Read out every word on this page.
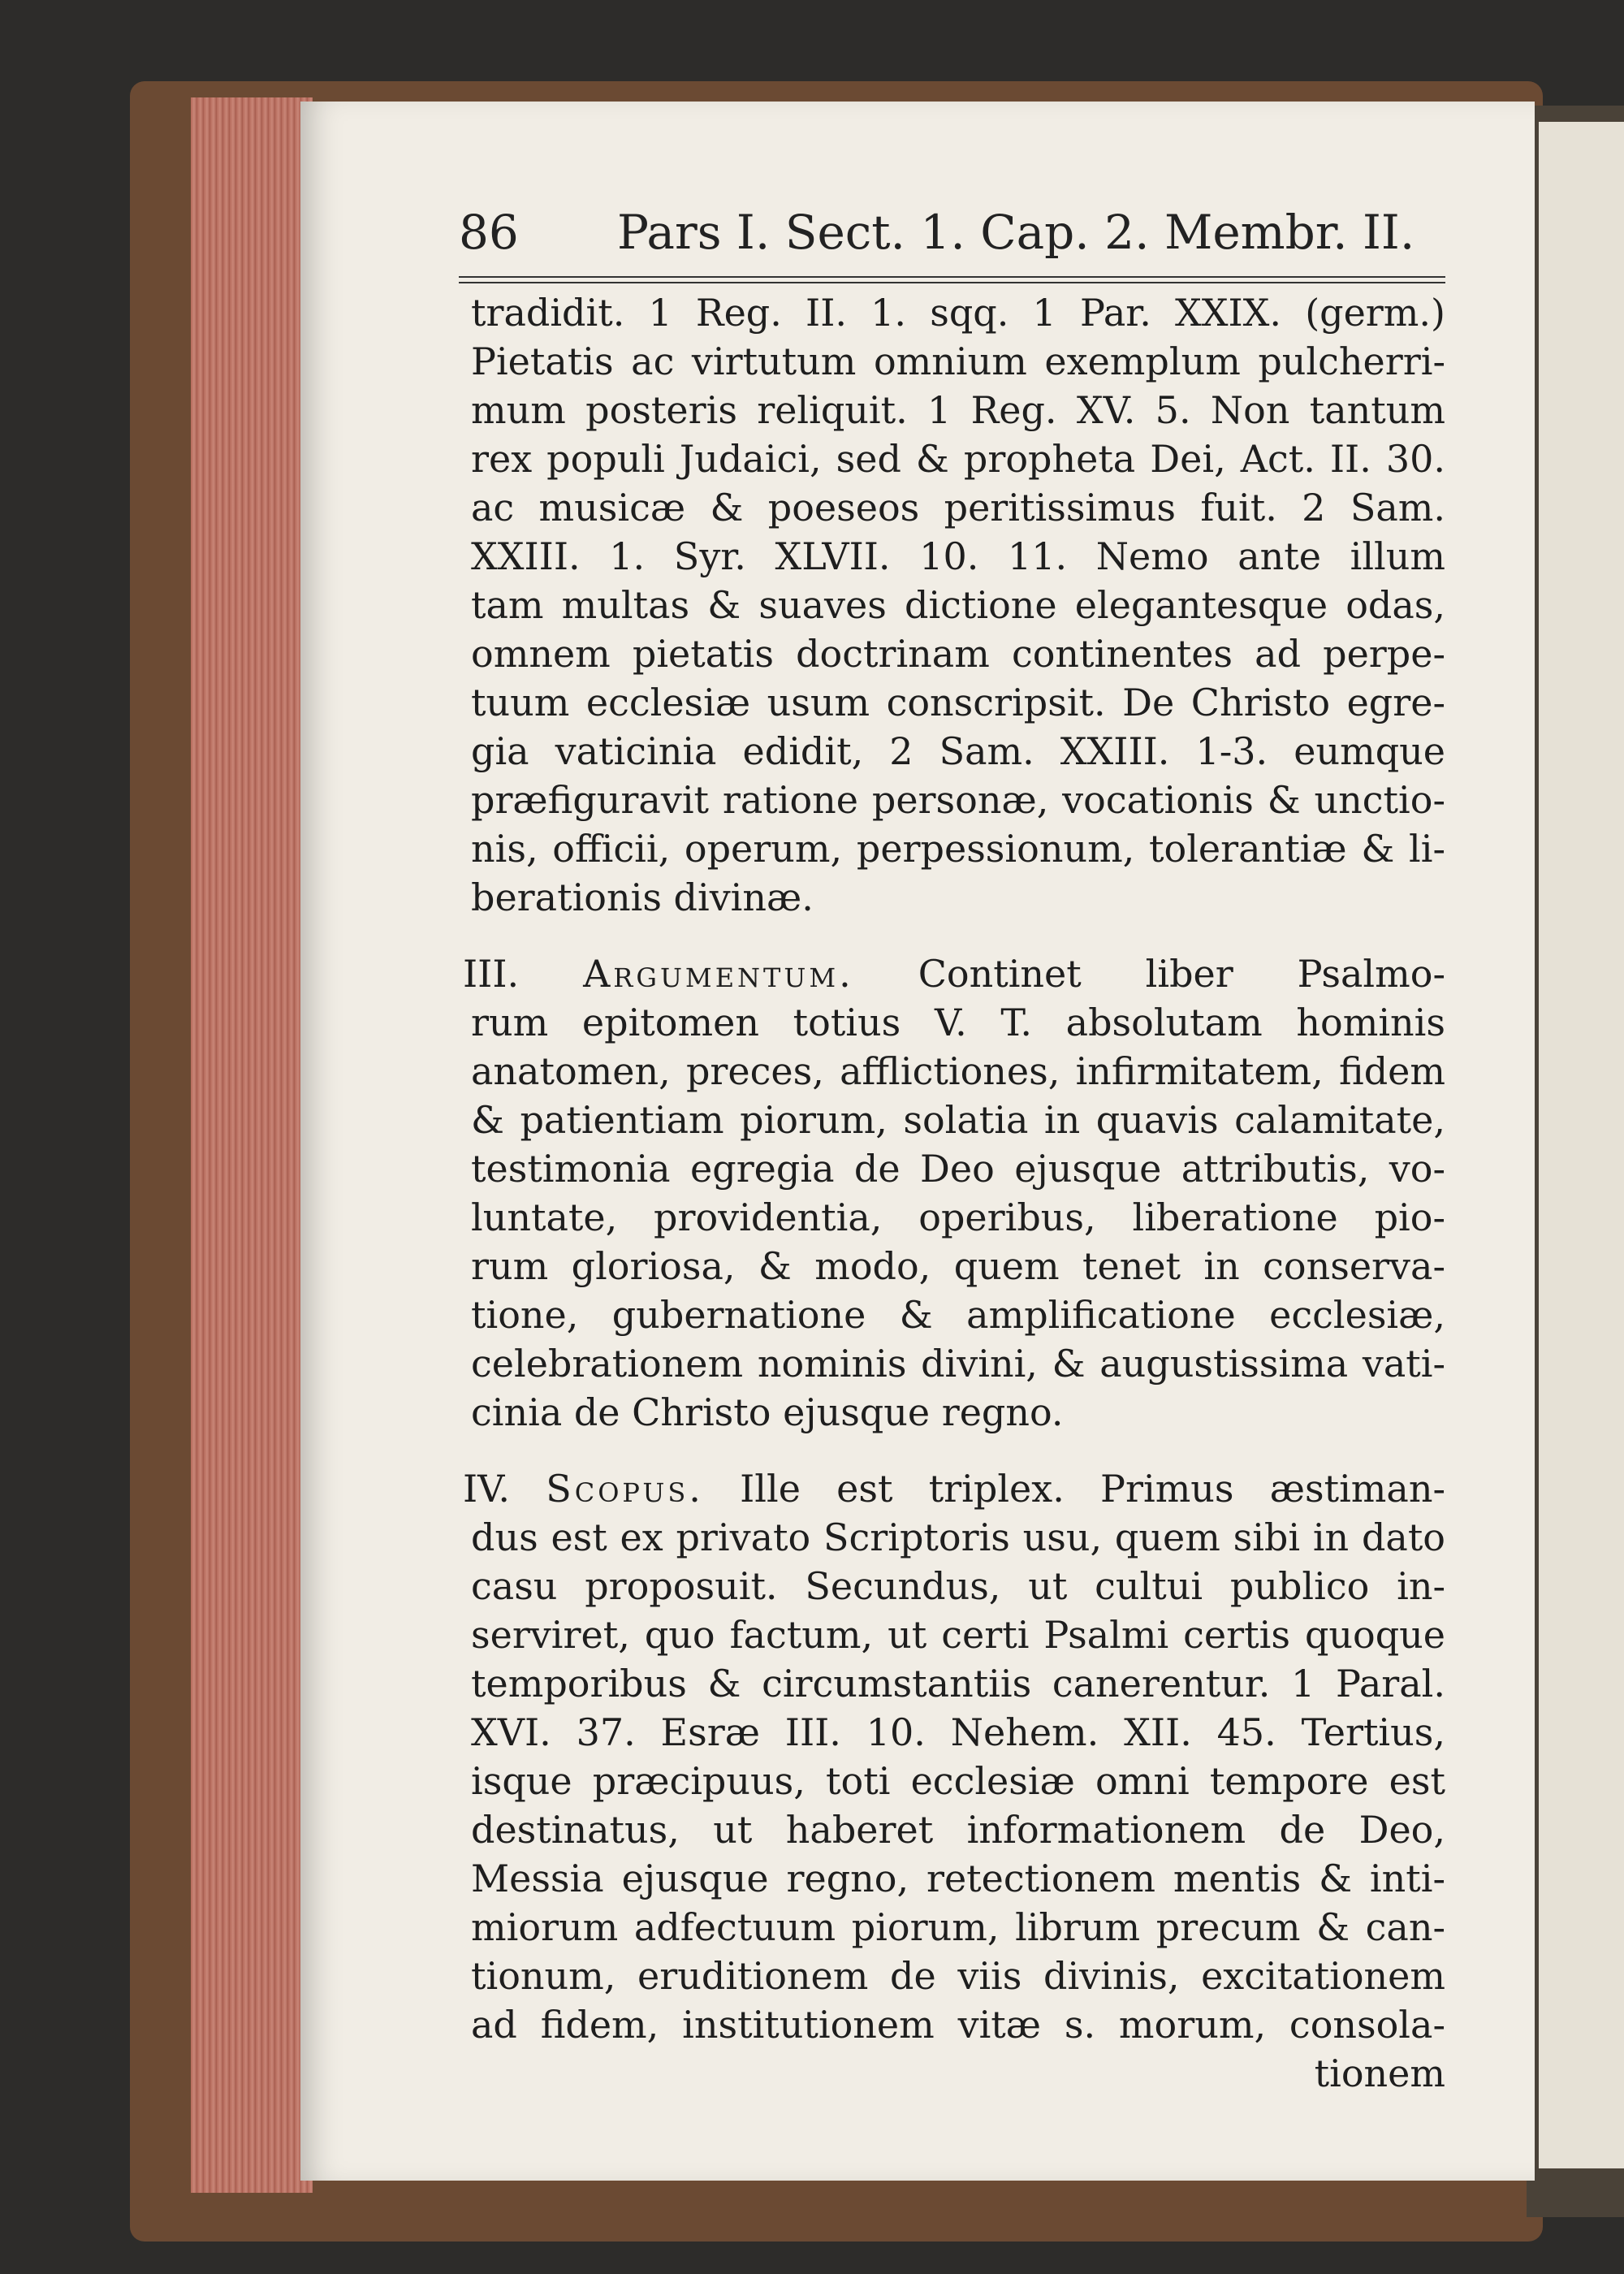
86 Pars I. Sect. 1. Cap. 2. Membr. II.
tradidit. 1 Reg. II. 1. sqq. 1 Par. XXIX. (germ.)
Pietatis ac virtutum omnium exemplum pulcherri-
mum posteris reliquit. 1 Reg. XV. 5. Non tantum
rex populi Judaici, sed & propheta Dei, Act. II. 30.
ac musicæ & poeseos peritissimus fuit. 2 Sam.
XXIII. 1. Syr. XLVII. 10. 11. Nemo ante illum
tam multas & suaves dictione elegantesque odas,
omnem pietatis doctrinam continentes ad perpe-
tuum ecclesiæ usum conscripsit. De Christo egre-
gia vaticinia edidit, 2 Sam. XXIII. 1-3. eumque
præfiguravit ratione personæ, vocationis & unctio-
nis, officii, operum, perpessionum, tolerantiæ & li-
berationis divinæ.
III. Argumentum. Continet liber Psalmo-
rum epitomen totius V. T. absolutam hominis
anatomen, preces, afflictiones, infirmitatem, fidem
& patientiam piorum, solatia in quavis calamitate,
testimonia egregia de Deo ejusque attributis, vo-
luntate, providentia, operibus, liberatione pio-
rum gloriosa, & modo, quem tenet in conserva-
tione, gubernatione & amplificatione ecclesiæ,
celebrationem nominis divini, & augustissima vati-
cinia de Christo ejusque regno.
IV. Scopus. Ille est triplex. Primus æstiman-
dus est ex privato Scriptoris usu, quem sibi in dato
casu proposuit. Secundus, ut cultui publico in-
serviret, quo factum, ut certi Psalmi certis quoque
temporibus & circumstantiis canerentur. 1 Paral.
XVI. 37. Esræ III. 10. Nehem. XII. 45. Tertius,
isque præcipuus, toti ecclesiæ omni tempore est
destinatus, ut haberet informationem de Deo,
Messia ejusque regno, retectionem mentis & inti-
miorum adfectuum piorum, librum precum & can-
tionum, eruditionem de viis divinis, excitationem
ad fidem, institutionem vitæ s. morum, consola-
tionem
